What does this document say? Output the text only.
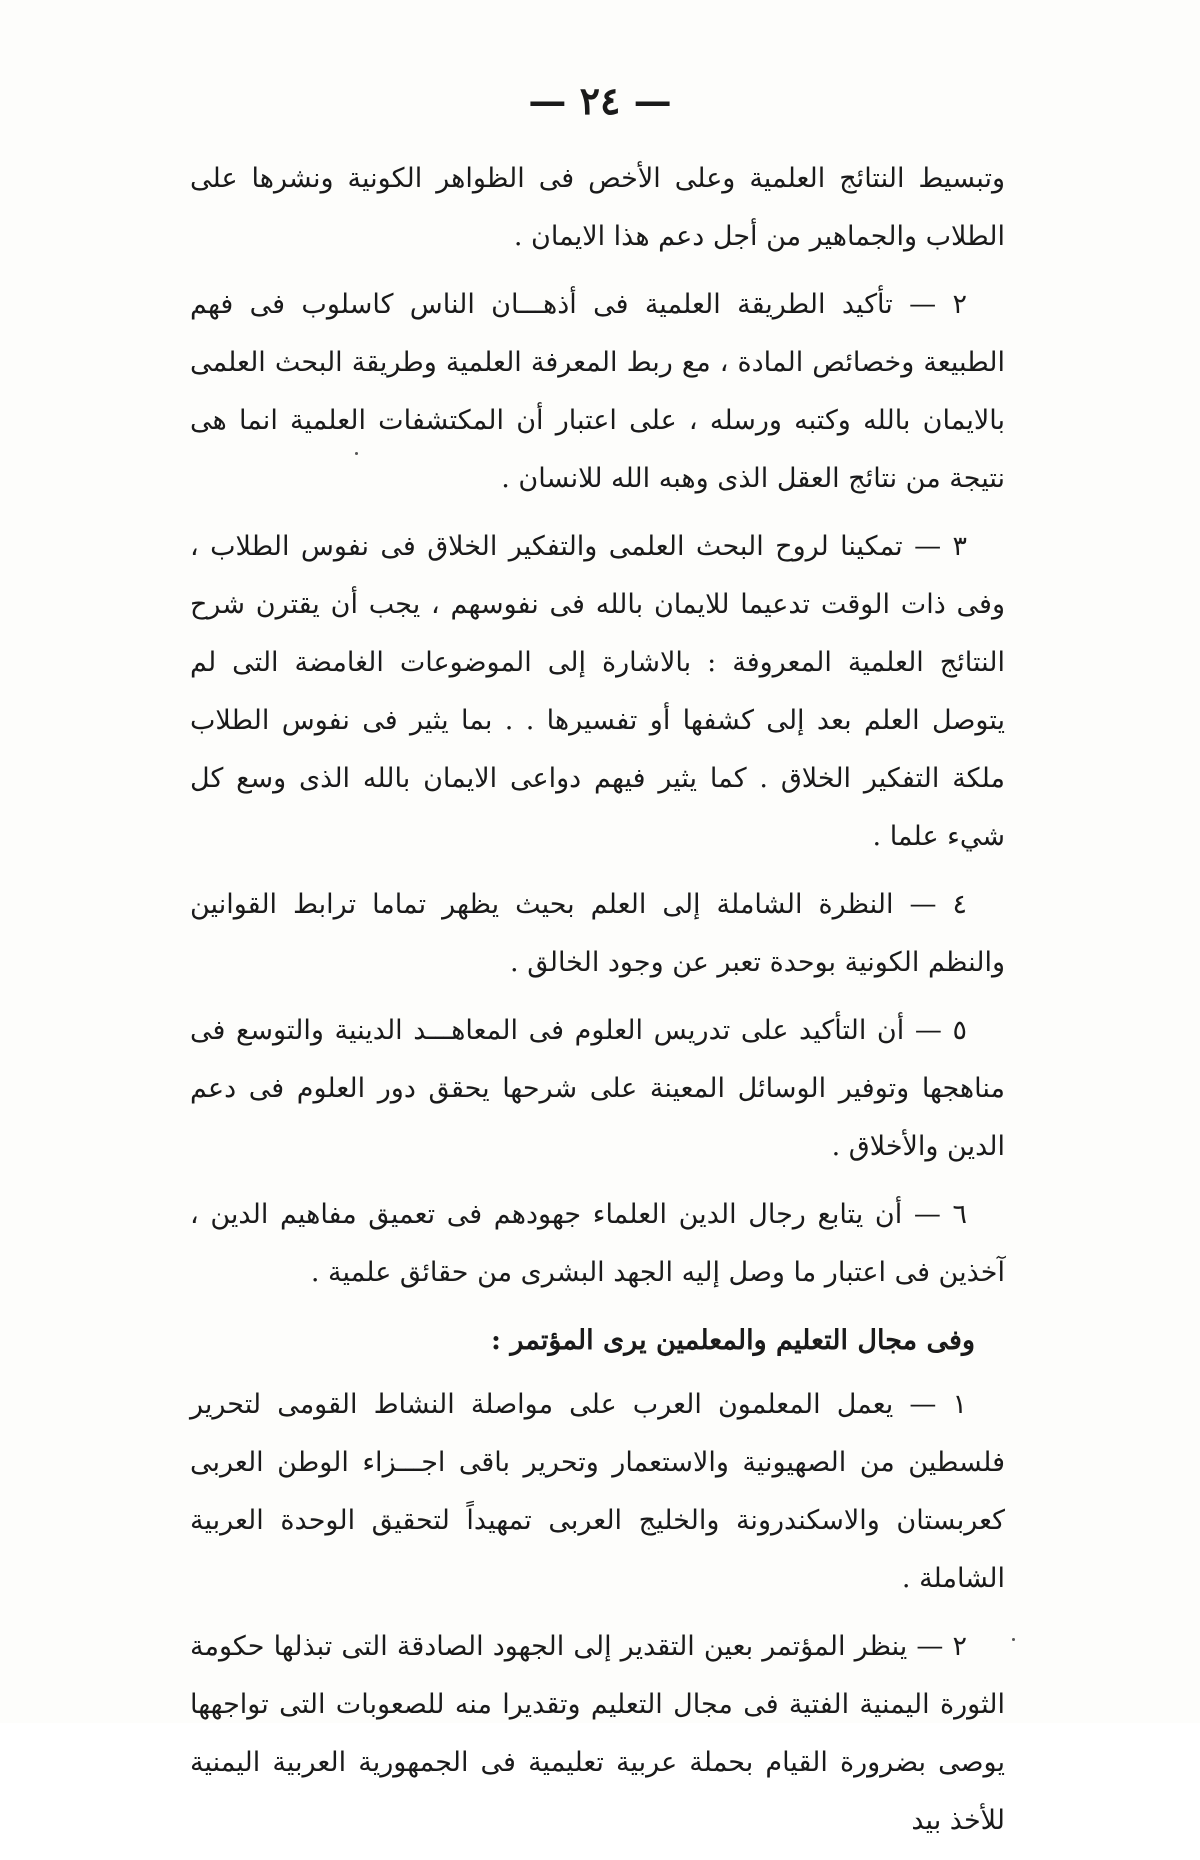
— ٢٤ —

وتبسيط النتائج العلمية وعلى الأخص فى الظواهر الكونية ونشرها على الطلاب والجماهير من أجل دعم هذا الايمان .

٢ — تأكيد الطريقة العلمية فى أذهـــان الناس كاسلوب فى فهم الطبيعة وخصائص المادة ، مع ربط المعرفة العلمية وطريقة البحث العلمى بالايمان بالله وكتبه ورسله ، على اعتبار أن المكتشفات العلمية انما هى نتيجة من نتائج العقل الذى وهبه الله للانسان .

٣ — تمكينا لروح البحث العلمى والتفكير الخلاق فى نفوس الطلاب ، وفى ذات الوقت تدعيما للايمان بالله فى نفوسهم ، يجب أن يقترن شرح النتائج العلمية المعروفة : بالاشارة إلى الموضوعات الغامضة التى لم يتوصل العلم بعد إلى كشفها أو تفسيرها . . بما يثير فى نفوس الطلاب ملكة التفكير الخلاق . كما يثير فيهم دواعى الايمان بالله الذى وسع كل شيء علما .

٤ — النظرة الشاملة إلى العلم بحيث يظهر تماما ترابط القوانين والنظم الكونية بوحدة تعبر عن وجود الخالق .

٥ — أن التأكيد على تدريس العلوم فى المعاهـــد الدينية والتوسع فى مناهجها وتوفير الوسائل المعينة على شرحها يحقق دور العلوم فى دعم الدين والأخلاق .

٦ — أن يتابع رجال الدين العلماء جهودهم فى تعميق مفاهيم الدين ، آخذين فى اعتبار ما وصل إليه الجهد البشرى من حقائق علمية .

وفى مجال التعليم والمعلمين يرى المؤتمر :

١ — يعمل المعلمون العرب على مواصلة النشاط القومى لتحرير فلسطين من الصهيونية والاستعمار وتحرير باقى اجـــزاء الوطن العربى كعربستان والاسكندرونة والخليج العربى تمهيداً لتحقيق الوحدة العربية الشاملة .

٢ — ينظر المؤتمر بعين التقدير إلى الجهود الصادقة التى تبذلها حكومة الثورة اليمنية الفتية فى مجال التعليم وتقديرا منه للصعوبات التى تواجهها يوصى بضرورة القيام بحملة عربية تعليمية فى الجمهورية العربية اليمنية للأخذ بيد
